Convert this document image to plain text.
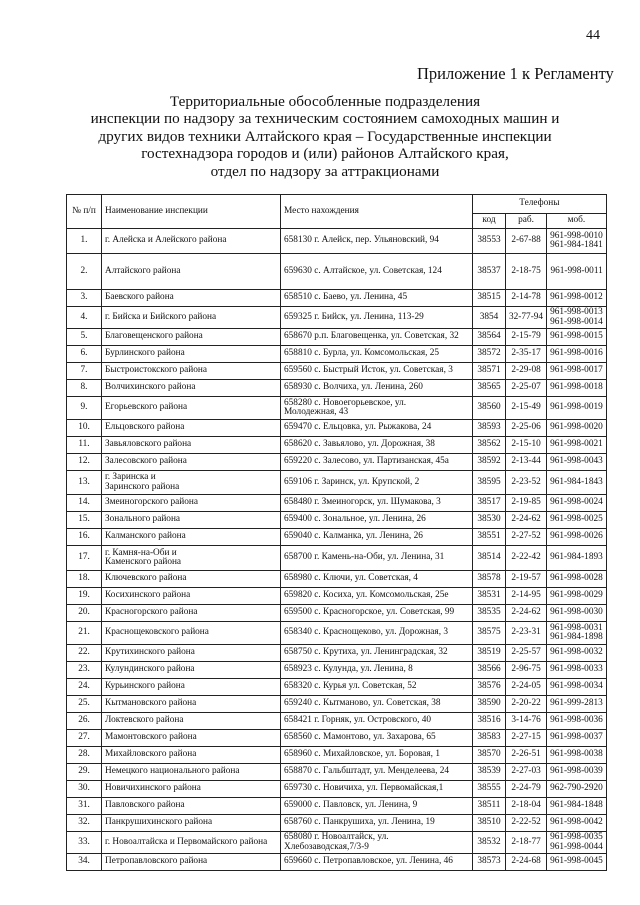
44
Приложение 1 к Регламенту
Территориальные обособленные подразделения
инспекции по надзору за техническим состоянием самоходных машин и
других видов техники Алтайского края – Государственные инспекции
гостехнадзора городов и (или) районов Алтайского края,
отдел по надзору за аттракционами
№ п/п	Наименование инспекции	Место нахождения	Телефоны		
			код	раб.	моб.
1.	г. Алейска и Алейского района	658130 г. Алейск, пер. Ульяновский, 94	38553	2-67-88	961-998-0010
961-984-1841
2.	Алтайского района	659630 с. Алтайское, ул. Советская, 124	38537	2-18-75	961-998-0011
3.	Баевского района	658510 с. Баево, ул. Ленина, 45	38515	2-14-78	961-998-0012
4.	г. Бийска и Бийского района	659325 г. Бийск, ул. Ленина, 113-29	3854	32-77-94	961-998-0013
961-998-0014
5.	Благовещенского района	658670 р.п. Благовещенка, ул. Советская, 32	38564	2-15-79	961-998-0015
6.	Бурлинского района	658810 с. Бурла, ул. Комсомольская, 25	38572	2-35-17	961-998-0016
7.	Быстроистокского района	659560 с. Быстрый Исток, ул. Советская, 3	38571	2-29-08	961-998-0017
8.	Волчихинского района	658930 с. Волчиха, ул. Ленина, 260	38565	2-25-07	961-998-0018
9.	Егорьевского района	658280 с. Новоегорьевское, ул.
Молодежная, 43	38560	2-15-49	961-998-0019
10.	Ельцовского района	659470 с. Ельцовка, ул. Рыжакова, 24	38593	2-25-06	961-998-0020
11.	Завьяловского района	658620 с. Завьялово, ул. Дорожная, 38	38562	2-15-10	961-998-0021
12.	Залесовского района	659220 с. Залесово, ул. Партизанская, 45а	38592	2-13-44	961-998-0043
13.	г. Заринска и
Заринского района	659106 г. Заринск, ул. Крупской, 2	38595	2-23-52	961-984-1843
14.	Змеиногорского района	658480 г. Змеиногорск, ул. Шумакова, 3	38517	2-19-85	961-998-0024
15.	Зонального района	659400 с. Зональное, ул. Ленина, 26	38530	2-24-62	961-998-0025
16.	Калманского района	659040 с. Калманка, ул. Ленина, 26	38551	2-27-52	961-998-0026
17.	г. Камня-на-Оби и
Каменского района	658700 г. Камень-на-Оби, ул. Ленина, 31	38514	2-22-42	961-984-1893
18.	Ключевского района	658980 с. Ключи, ул. Советская, 4	38578	2-19-57	961-998-0028
19.	Косихинского района	659820 с. Косиха, ул. Комсомольская, 25е	38531	2-14-95	961-998-0029
20.	Красногорского района	659500 с. Красногорское, ул. Советская, 99	38535	2-24-62	961-998-0030
21.	Краснощековского района	658340 с. Краснощеково, ул. Дорожная, 3	38575	2-23-31	961-998-0031
961-984-1898
22.	Крутихинского района	658750 с. Крутиха, ул. Ленинградская, 32	38519	2-25-57	961-998-0032
23.	Кулундинского района	658923 с. Кулунда, ул. Ленина, 8	38566	2-96-75	961-998-0033
24.	Курьинского района	658320 с. Курья ул. Советская, 52	38576	2-24-05	961-998-0034
25.	Кытмановского района	659240 с. Кытманово, ул. Советская, 38	38590	2-20-22	961-999-2813
26.	Локтевского района	658421 г. Горняк, ул. Островского, 40	38516	3-14-76	961-998-0036
27.	Мамонтовского района	658560 с. Мамонтово, ул. Захарова, 65	38583	2-27-15	961-998-0037
28.	Михайловского района	658960 с. Михайловское, ул. Боровая, 1	38570	2-26-51	961-998-0038
29.	Немецкого национального района	658870 с. Гальбштадт, ул. Менделеева, 24	38539	2-27-03	961-998-0039
30.	Новичихинского района	659730 с. Новичиха, ул. Первомайская,1	38555	2-24-79	962-790-2920
31.	Павловского района	659000 с. Павловск, ул. Ленина, 9	38511	2-18-04	961-984-1848
32.	Панкрушихинского района	658760 с. Панкрушиха, ул. Ленина, 19	38510	2-22-52	961-998-0042
33.	г. Новоалтайска и Первомайского района	658080 г. Новоалтайск, ул.
Хлебозаводская,7/3-9	38532	2-18-77	961-998-0035
961-998-0044
34.	Петропавловского района	659660 с. Петропавловское, ул. Ленина, 46	38573	2-24-68	961-998-0045
